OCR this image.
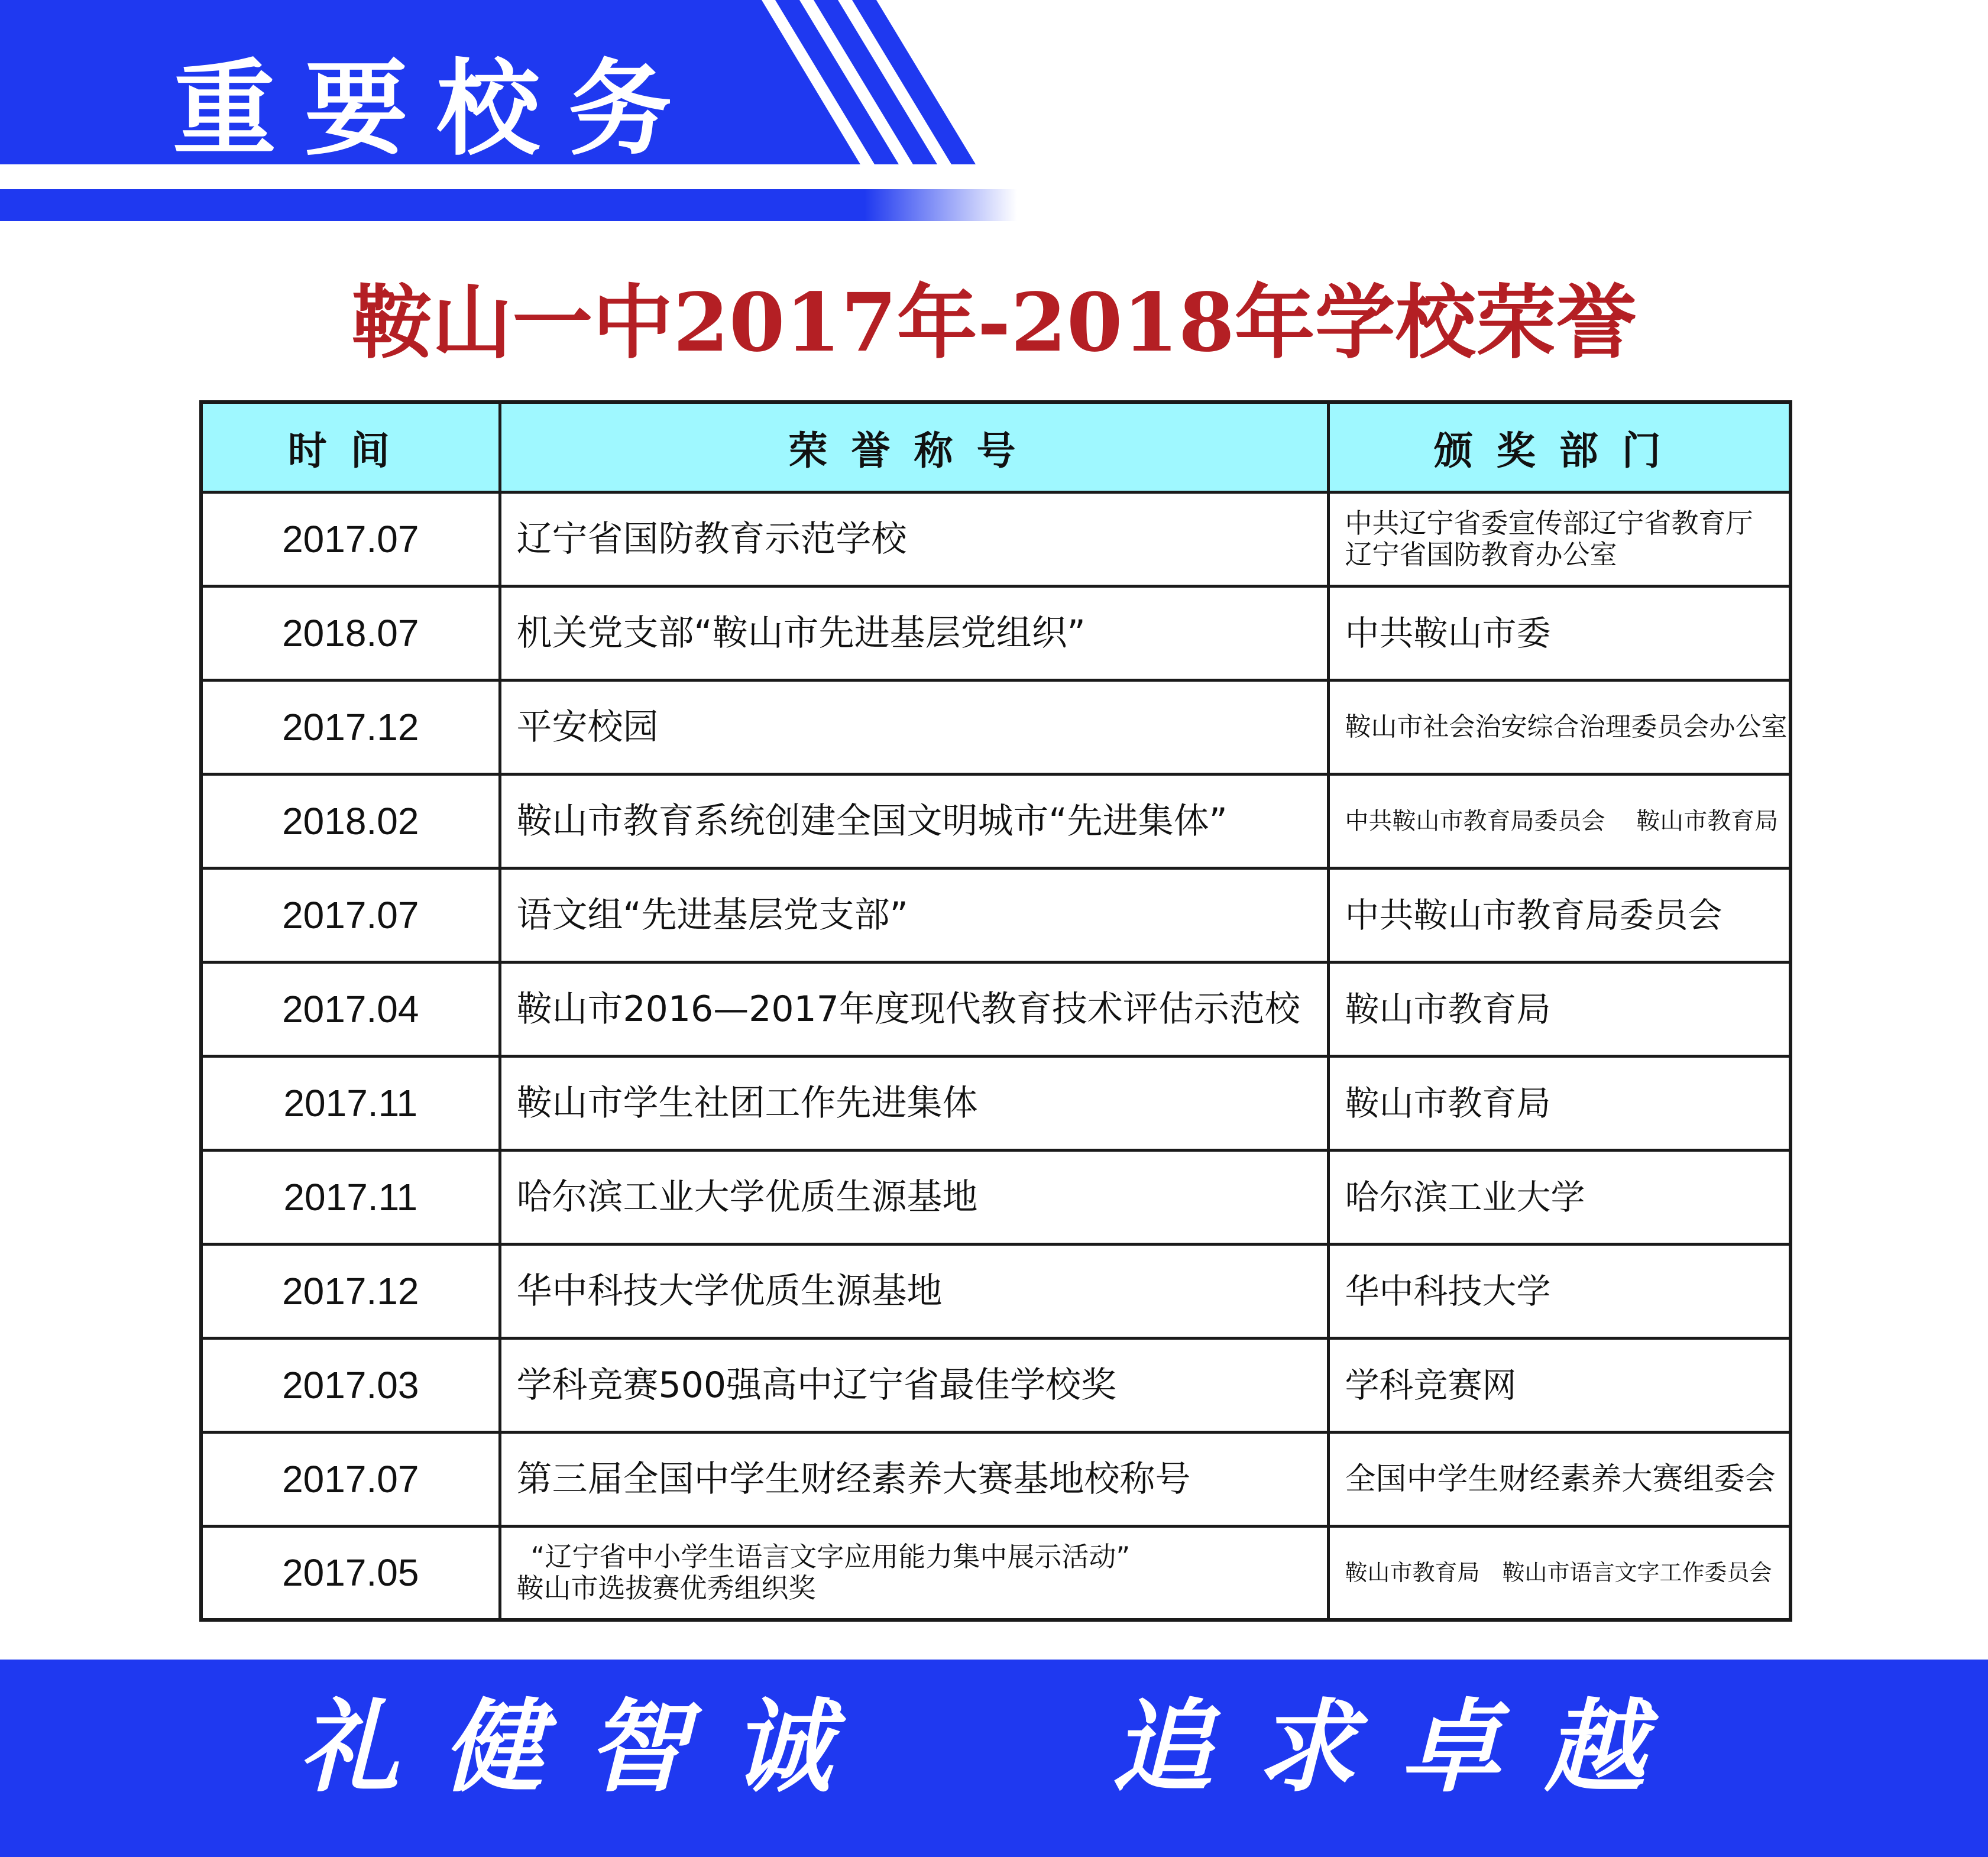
重要校务
鞍山一中2017年-2018年学校荣誉
时间	荣誉称号	颁奖部门
2017.07	辽宁省国防教育示范学校	中共辽宁省委宣传部辽宁省教育厅
辽宁省国防教育办公室

2018.07	机关党支部“鞍山市先进基层党组织”	中共鞍山市委

2017.12	平安校园	鞍山市社会治安综合治理委员会办公室

2018.02	鞍山市教育系统创建全国文明城市“先进集体”	中共鞍山市教育局委员会　 鞍山市教育局

2017.07	语文组“先进基层党支部”	中共鞍山市教育局委员会

2017.04	鞍山市2016—2017年度现代教育技术评估示范校	鞍山市教育局

2017.11	鞍山市学生社团工作先进集体	鞍山市教育局

2017.11	哈尔滨工业大学优质生源基地	哈尔滨工业大学

2017.12	华中科技大学优质生源基地	华中科技大学

2017.03	学科竞赛500强高中辽宁省最佳学校奖	学科竞赛网

2017.07	第三届全国中学生财经素养大赛基地校称号	全国中学生财经素养大赛组委会

2017.05	“辽宁省中小学生语言文字应用能力集中展示活动”
鞍山市选拔赛优秀组织奖	鞍山市教育局　鞍山市语言文字工作委员会
礼健智诚 追求卓越
